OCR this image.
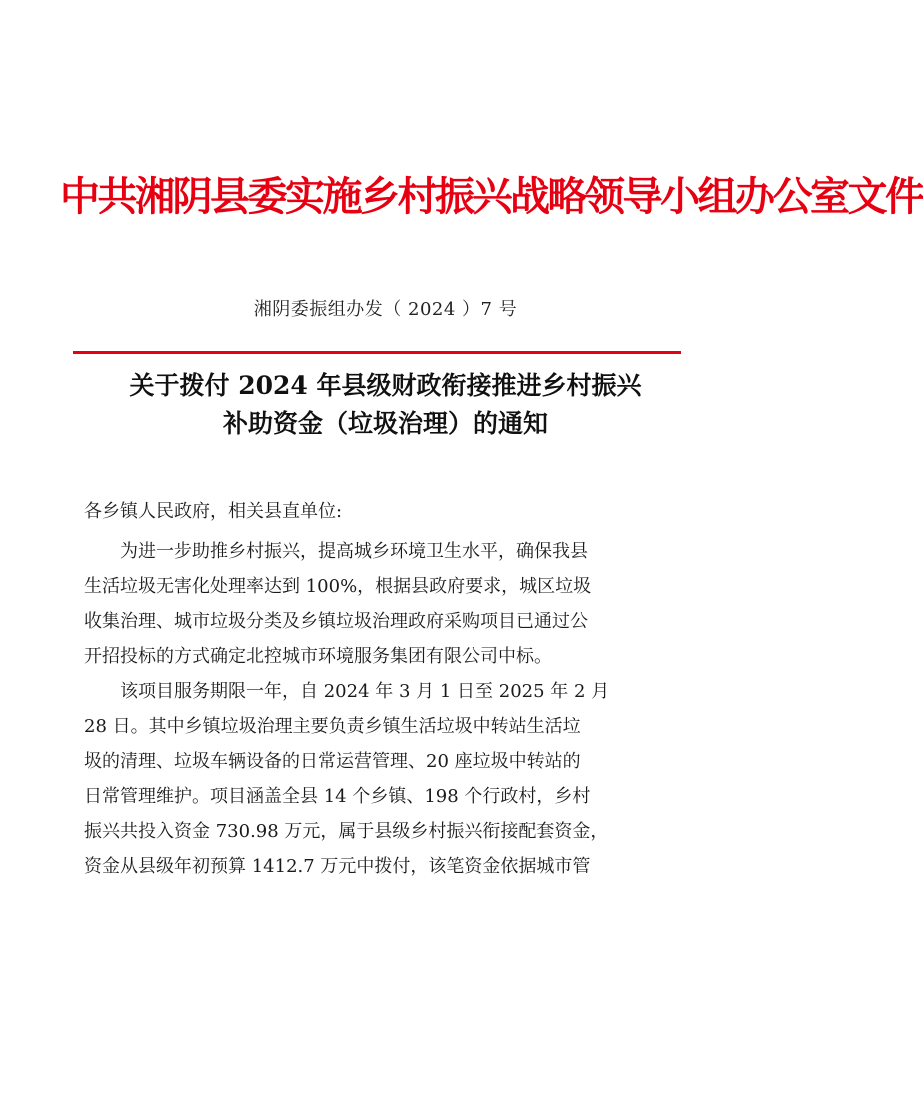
中共湘阴县委实施乡村振兴战略领导小组办公室文件
湘阴委振组办发（ 2024 ）7 号
关于拨付 2024 年县级财政衔接推进乡村振兴
补助资金（垃圾治理）的通知
各乡镇人民政府，相关县直单位:
为进一步助推乡村振兴，提高城乡环境卫生水平，确保我县
生活垃圾无害化处理率达到 100%，根据县政府要求，城区垃圾
收集治理、城市垃圾分类及乡镇垃圾治理政府采购项目已通过公
开招投标的方式确定北控城市环境服务集团有限公司中标。
该项目服务期限一年，自 2024 年 3 月 1 日至 2025 年 2 月
28 日。其中乡镇垃圾治理主要负责乡镇生活垃圾中转站生活垃
圾的清理、垃圾车辆设备的日常运营管理、20 座垃圾中转站的
日常管理维护。项目涵盖全县 14 个乡镇、198 个行政村，乡村
振兴共投入资金 730.98 万元，属于县级乡村振兴衔接配套资金，
资金从县级年初预算 1412.7 万元中拨付，该笔资金依据城市管
